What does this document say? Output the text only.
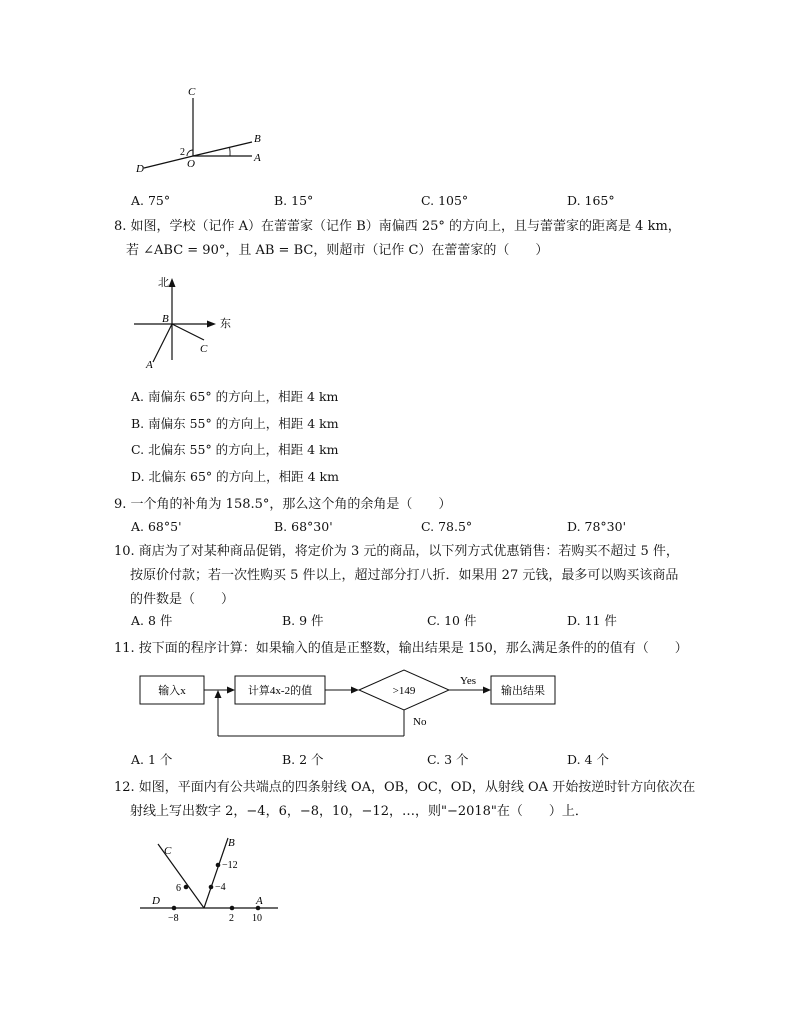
C
B
A
D	O
2
A. 75°	B. 15°	C. 105°	D. 165°
8. 如图，学校（记作 A）在蕾蕾家（记作 B）南偏西 25° 的方向上，且与蕾蕾家的距离是 4 km，
若 ∠ABC = 90°，且 AB = BC，则超市（记作 C）在蕾蕾家的（　　）
北
东
B
A
C
A. 南偏东 65° 的方向上，相距 4 km
B. 南偏东 55° 的方向上，相距 4 km
C. 北偏东 55° 的方向上，相距 4 km
D. 北偏东 65° 的方向上，相距 4 km
9. 一个角的补角为 158.5°，那么这个角的余角是（　　）
A. 68°5'	B. 68°30'	C. 78.5°	D. 78°30'
10. 商店为了对某种商品促销，将定价为 3 元的商品，以下列方式优惠销售：若购买不超过 5 件，
按原价付款；若一次性购买 5 件以上，超过部分打八折．如果用 27 元钱，最多可以购买该商品
的件数是（　　）
A. 8 件	B. 9 件	C. 10 件	D. 11 件
11. 按下面的程序计算：如果输入的值是正整数，输出结果是 150，那么满足条件的的值有（　　）
输入x	计算4x-2的值	>149
Yes
输出结果
No
A. 1 个	B. 2 个	C. 3 个	D. 4 个
12. 如图，平面内有公共端点的四条射线 OA，OB，OC，OD，从射线 OA 开始按逆时针方向依次在
射线上写出数字 2，−4，6，−8，10，−12，…，则"−2018"在（　　）上．
C
B
D	A
−8	2 10
6	−4
−12
